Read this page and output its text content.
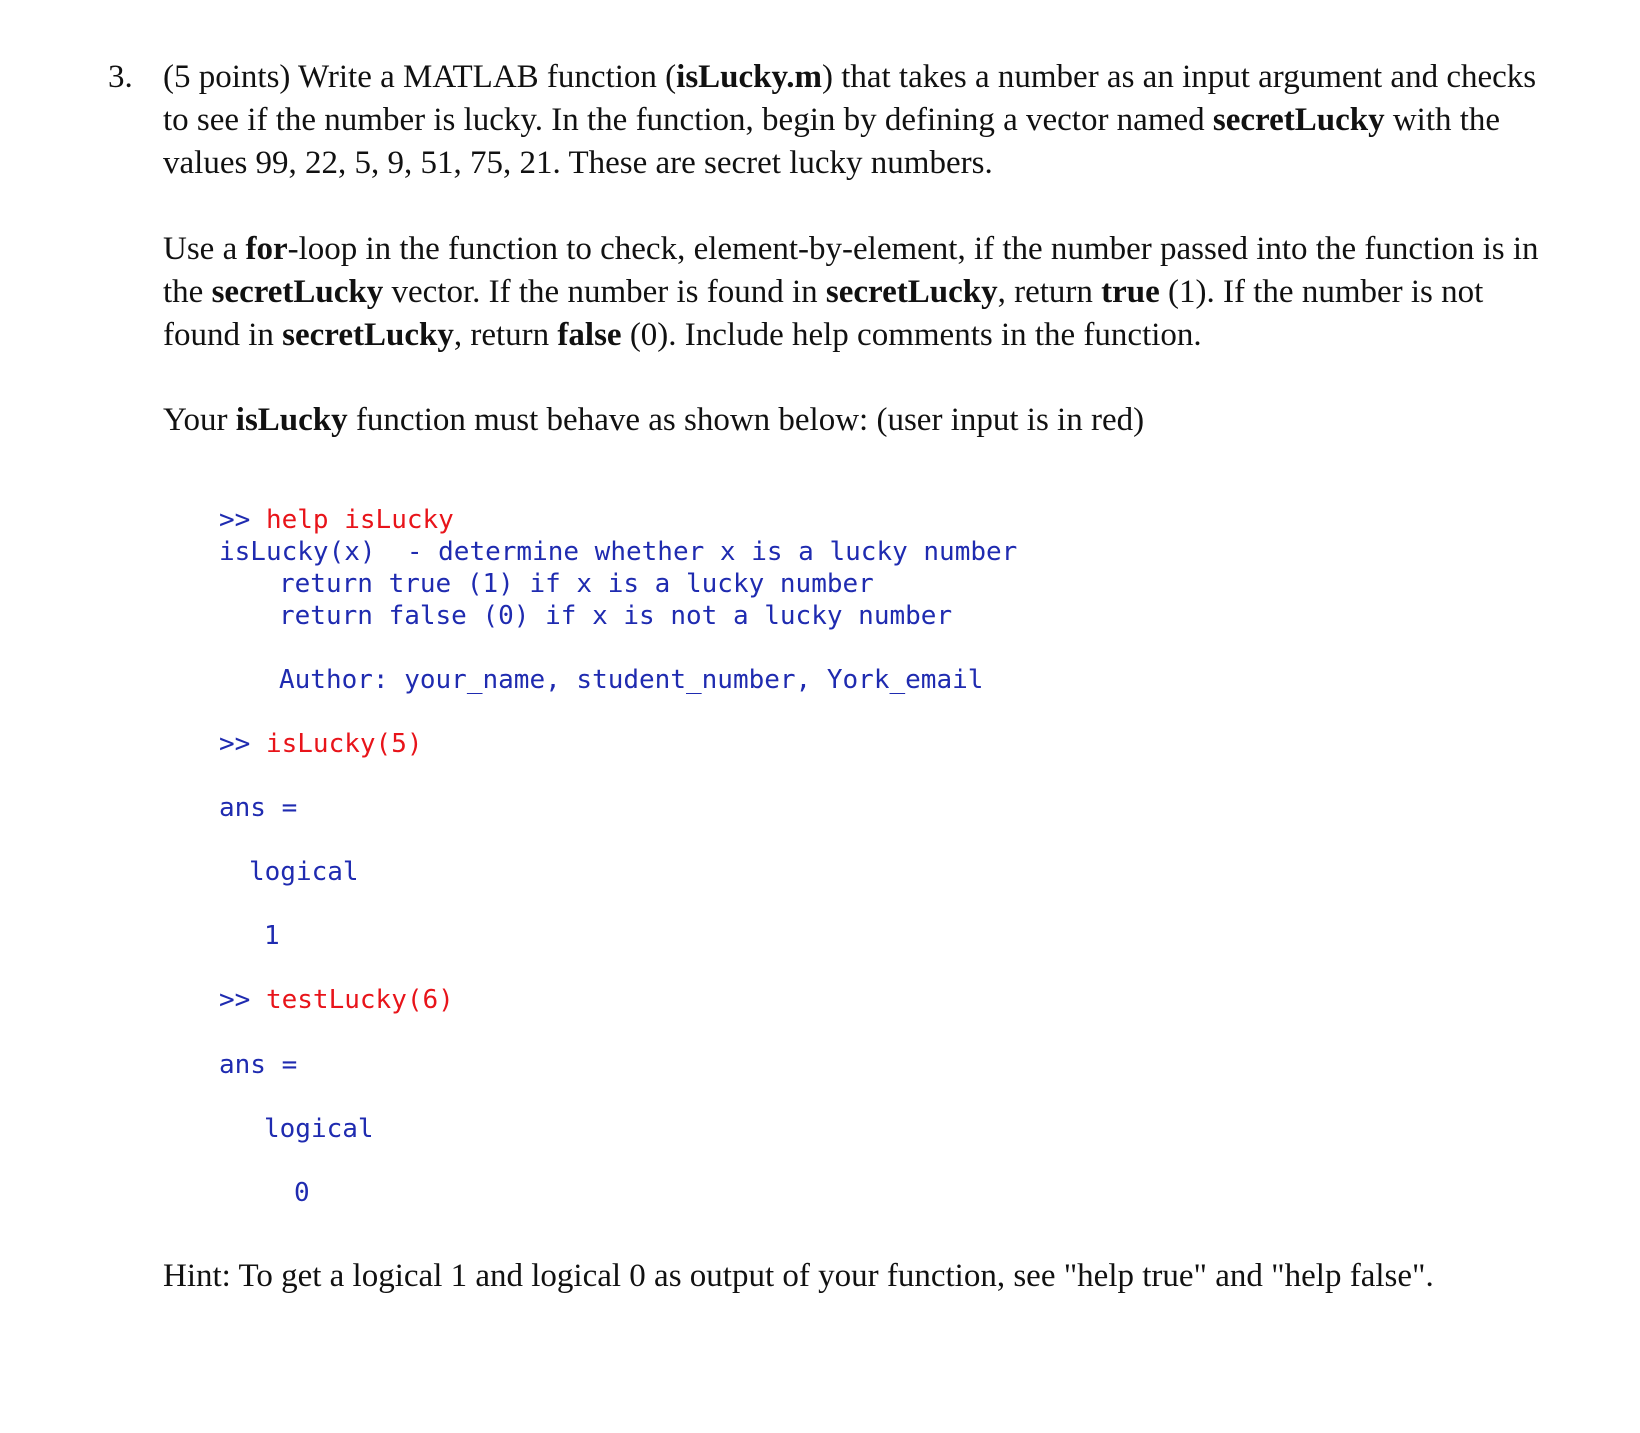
3. (5 points) Write a MATLAB function (isLucky.m) that takes a number as an input argument and checks to see if the number is lucky. In the function, begin by defining a vector named secretLucky with the values 99, 22, 5, 9, 51, 75, 21. These are secret lucky numbers.
Use a for-loop in the function to check, element-by-element, if the number passed into the function is in the secretLucky vector. If the number is found in secretLucky, return true (1). If the number is not found in secretLucky, return false (0). Include help comments in the function.
Your isLucky function must behave as shown below: (user input is in red)
>> help isLucky
isLucky(x)  - determine whether x is a lucky number
return true (1) if x is a lucky number
return false (0) if x is not a lucky number
Author: your_name, student_number, York_email
>> isLucky(5)
ans =
logical
1
>> testLucky(6)
ans =
logical
0
Hint: To get a logical 1 and logical 0 as output of your function, see "help true" and "help false".
